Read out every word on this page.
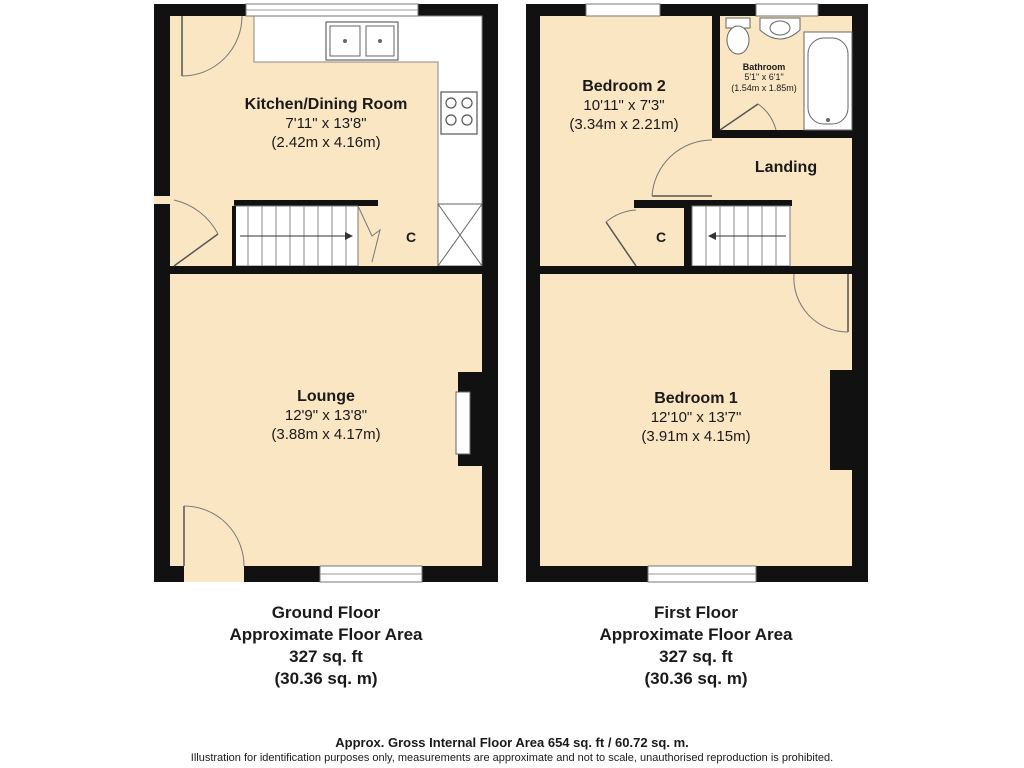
Kitchen/Dining Room
7'11" x 13'8"
(2.42m x 4.16m)
C
Lounge
12'9" x 13'8"
(3.88m x 4.17m)
Bedroom 2
10'11" x 7'3"
(3.34m x 2.21m)
Bathroom
5'1" x 6'1"
(1.54m x 1.85m)
Landing
C
Bedroom 1
12'10" x 13'7"
(3.91m x 4.15m)
Ground Floor
Approximate Floor Area
327 sq. ft
(30.36 sq. m)
First Floor
Approximate Floor Area
327 sq. ft
(30.36 sq. m)
Approx. Gross Internal Floor Area 654 sq. ft / 60.72 sq. m.
Illustration for identification purposes only, measurements are approximate and not to scale, unauthorised reproduction is prohibited.
